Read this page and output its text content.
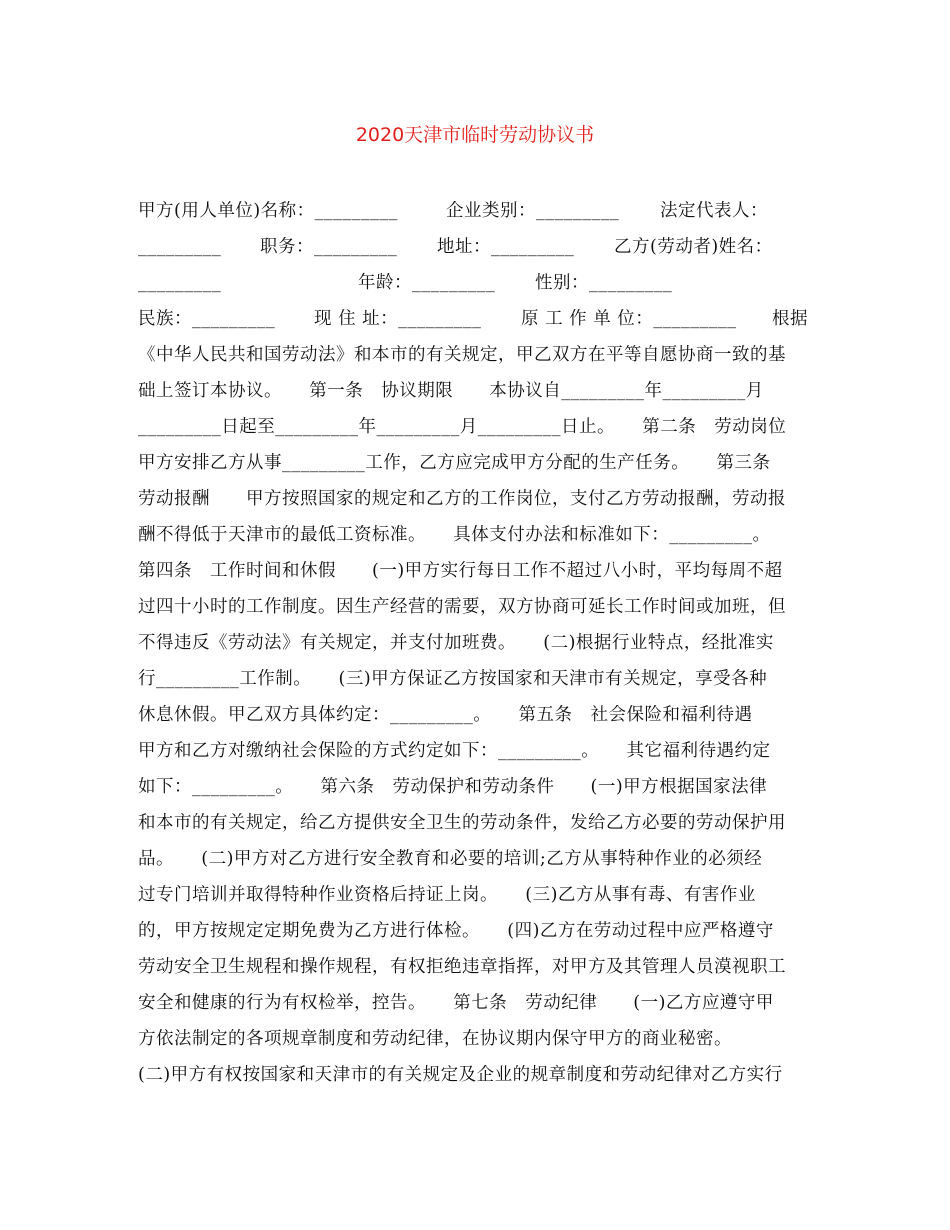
2020天津市临时劳动协议书
甲方(用人单位)名称：_________	企业类别：_________ 法定代表人：
_________ 职务：_________ 地址：_________ 乙方(劳动者)姓名：
_________	年龄：_________ 性别：_________
民族：_________ 现 住 址：_________ 原 工 作 单 位：_________ 根据
《中华人民共和国劳动法》和本市的有关规定，甲乙双方在平等自愿协商一致的基
础上签订本协议。　　第一条　协议期限　　本协议自_________年_________月
_________日起至_________年_________月_________日止。　　第二条　劳动岗位
甲方安排乙方从事_________工作，乙方应完成甲方分配的生产任务。　　第三条
劳动报酬　　甲方按照国家的规定和乙方的工作岗位，支付乙方劳动报酬，劳动报
酬不得低于天津市的最低工资标准。　　具体支付办法和标准如下：_________。
第四条　工作时间和休假　　(一)甲方实行每日工作不超过八小时，平均每周不超
过四十小时的工作制度。因生产经营的需要，双方协商可延长工作时间或加班，但
不得违反《劳动法》有关规定，并支付加班费。　　(二)根据行业特点，经批准实
行_________工作制。　　(三)甲方保证乙方按国家和天津市有关规定，享受各种
休息休假。甲乙双方具体约定：_________。　　第五条　社会保险和福利待遇
甲方和乙方对缴纳社会保险的方式约定如下：_________。　　其它福利待遇约定
如下：_________。　　第六条　劳动保护和劳动条件　　(一)甲方根据国家法律
和本市的有关规定，给乙方提供安全卫生的劳动条件，发给乙方必要的劳动保护用
品。　　(二)甲方对乙方进行安全教育和必要的培训;乙方从事特种作业的必须经
过专门培训并取得特种作业资格后持证上岗。　　(三)乙方从事有毒、有害作业
的，甲方按规定定期免费为乙方进行体检。　　(四)乙方在劳动过程中应严格遵守
劳动安全卫生规程和操作规程，有权拒绝违章指挥，对甲方及其管理人员漠视职工
安全和健康的行为有权检举，控告。　　第七条　劳动纪律　　(一)乙方应遵守甲
方依法制定的各项规章制度和劳动纪律，在协议期内保守甲方的商业秘密。
(二)甲方有权按国家和天津市的有关规定及企业的规章制度和劳动纪律对乙方实行
